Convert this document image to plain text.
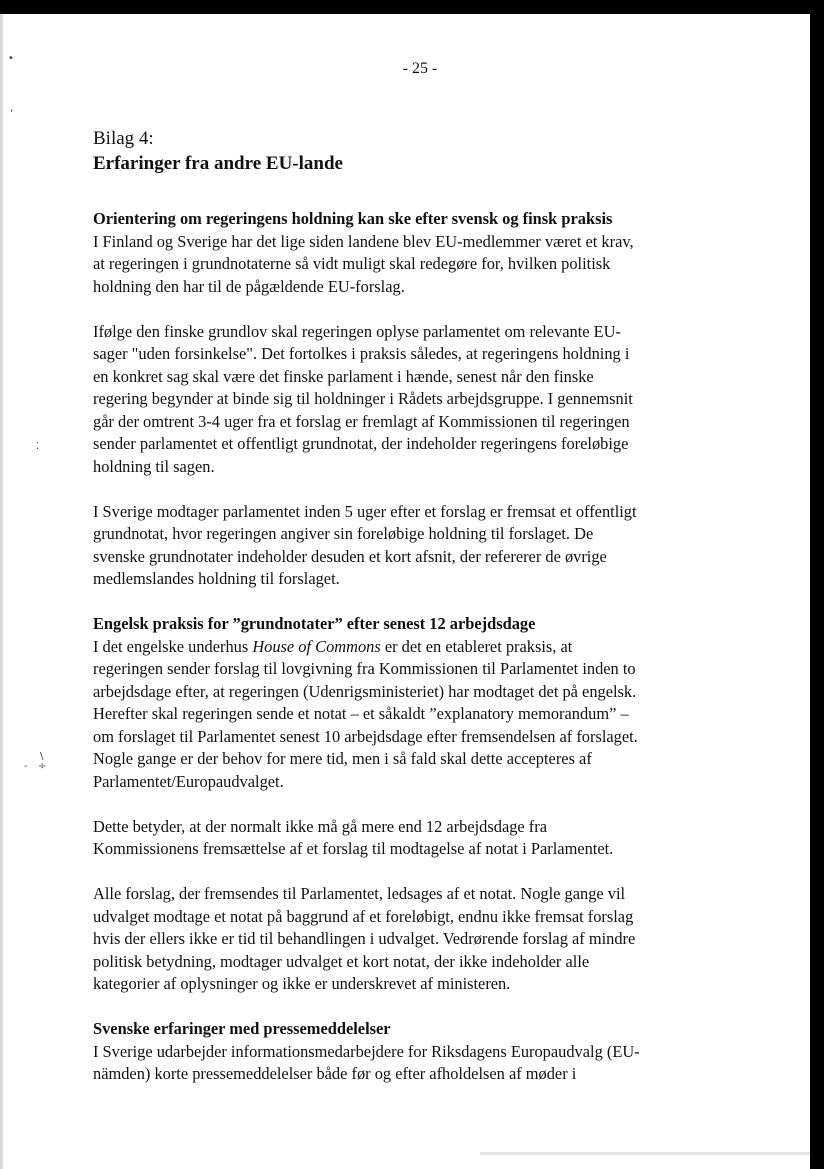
•
‚
⁚
\
- ÷
- 25 -
Bilag 4:
Erfaringer fra andre EU-lande
Orientering om regeringens holdning kan ske efter svensk og finsk praksis

I Finland og Sverige har det lige siden landene blev EU-medlemmer været et krav, at regeringen i grundnotaterne så vidt muligt skal redegøre for, hvilken politisk holdning den har til de pågældende EU-forslag.

Ifølge den finske grundlov skal regeringen oplyse parlamentet om relevante EU-sager "uden forsinkelse". Det fortolkes i praksis således, at regeringens holdning i en konkret sag skal være det finske parlament i hænde, senest når den finske regering begynder at binde sig til holdninger i Rådets arbejdsgruppe. I gennemsnit går der omtrent 3-4 uger fra et forslag er fremlagt af Kommissionen til regeringen sender parlamentet et offentligt grundnotat, der indeholder regeringens foreløbige holdning til sagen.

I Sverige modtager parlamentet inden 5 uger efter et forslag er fremsat et offentligt grundnotat, hvor regeringen angiver sin foreløbige holdning til forslaget. De svenske grundnotater indeholder desuden et kort afsnit, der refererer de øvrige medlemslandes holdning til forslaget.

Engelsk praksis for ”grundnotater” efter senest 12 arbejdsdage

I det engelske underhus House of Commons er det en etableret praksis, at regeringen sender forslag til lovgivning fra Kommissionen til Parlamentet inden to arbejdsdage efter, at regeringen (Udenrigsministeriet) har modtaget det på engelsk. Herefter skal regeringen sende et notat – et såkaldt ”explanatory memorandum” – om forslaget til Parlamentet senest 10 arbejdsdage efter fremsendelsen af forslaget. Nogle gange er der behov for mere tid, men i så fald skal dette accepteres af Parlamentet/Europaudvalget.

Dette betyder, at der normalt ikke må gå mere end 12 arbejdsdage fra Kommissionens fremsættelse af et forslag til modtagelse af notat i Parlamentet.

Alle forslag, der fremsendes til Parlamentet, ledsages af et notat. Nogle gange vil udvalget modtage et notat på baggrund af et foreløbigt, endnu ikke fremsat forslag hvis der ellers ikke er tid til behandlingen i udvalget. Vedrørende forslag af mindre politisk betydning, modtager udvalget et kort notat, der ikke indeholder alle kategorier af oplysninger og ikke er underskrevet af ministeren.

Svenske erfaringer med pressemeddelelser

I Sverige udarbejder informationsmedarbejdere for Riksdagens Europaudvalg (EU-nämden) korte pressemeddelelser både før og efter afholdelsen af møder i
